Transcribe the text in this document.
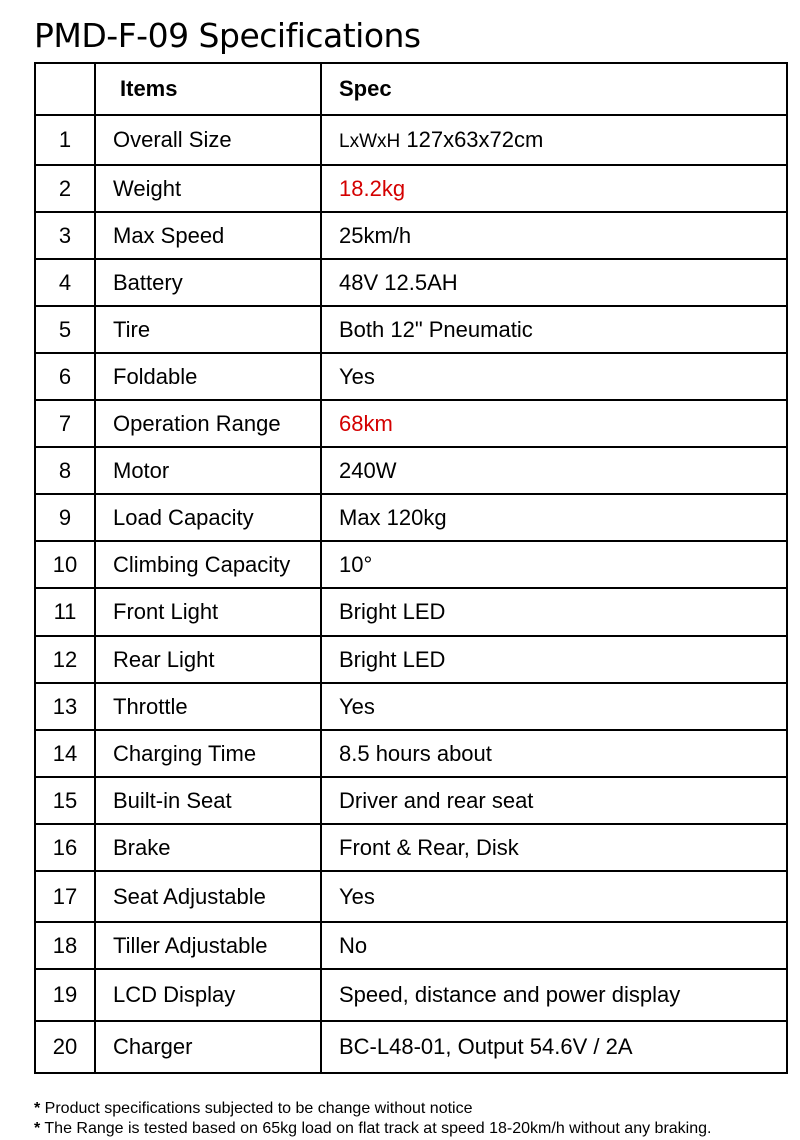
PMD-F-09 Specifications
	Items	Spec
1	Overall Size	LxWxH 127x63x72cm
2	Weight	18.2kg
3	Max Speed	25km/h
4	Battery	48V 12.5AH
5	Tire	Both 12" Pneumatic
6	Foldable	Yes
7	Operation Range	68km
8	Motor	240W
9	Load Capacity	Max 120kg
10	Climbing Capacity	10°
11	Front Light	Bright LED
12	Rear Light	Bright LED
13	Throttle	Yes
14	Charging Time	8.5 hours about
15	Built-in Seat	Driver and rear seat
16	Brake	Front & Rear, Disk
17	Seat Adjustable	Yes
18	Tiller Adjustable	No
19	LCD Display	Speed, distance and power display
20	Charger	BC-L48-01, Output 54.6V / 2A
* Product specifications subjected to be change without notice
* The Range is tested based on 65kg load on flat track at speed 18-20km/h without any braking.
